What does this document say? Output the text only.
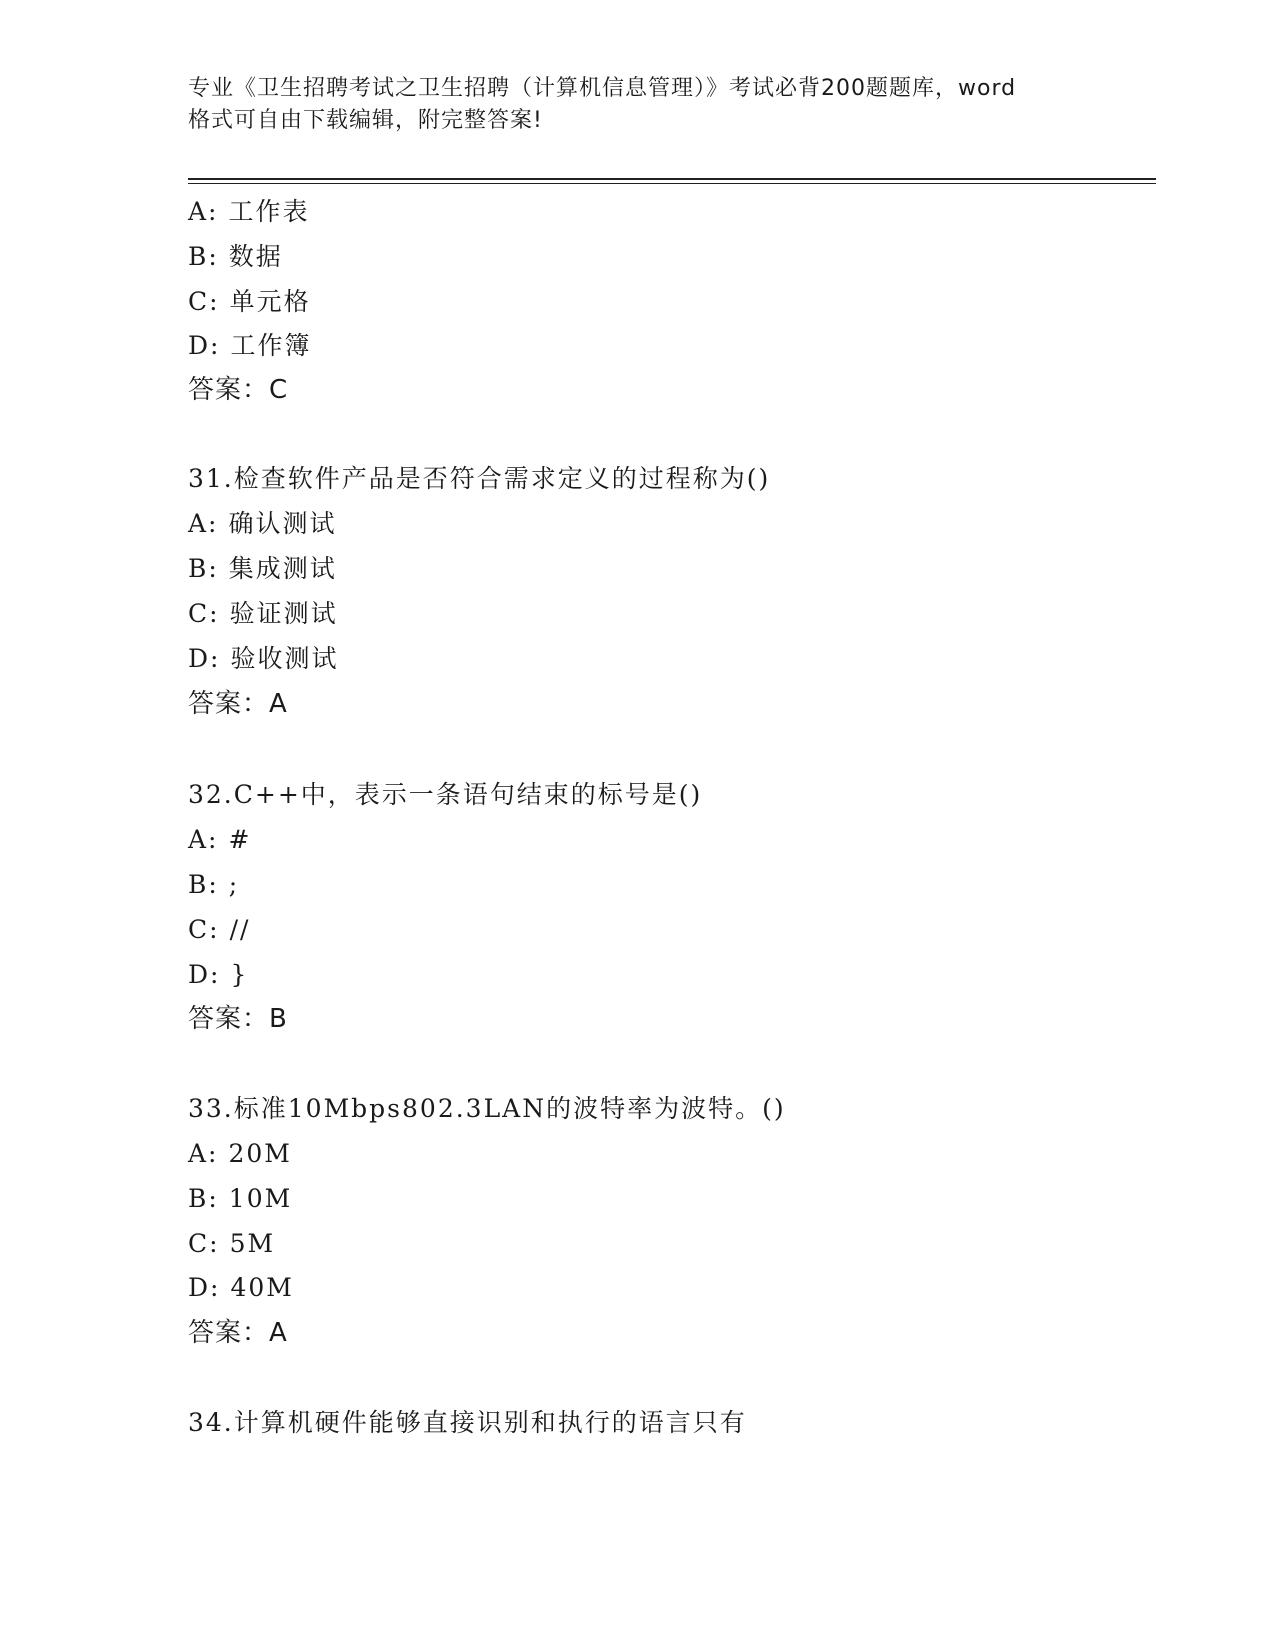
专业《卫生招聘考试之卫生招聘（计算机信息管理）》考试必背200题题库，word
格式可自由下载编辑，附完整答案!
A: 工作表
B: 数据
C: 单元格
D: 工作簿
答案：C
31.检查软件产品是否符合需求定义的过程称为()
A: 确认测试
B: 集成测试
C: 验证测试
D: 验收测试
答案：A
32.C++中，表示一条语句结束的标号是()
A: #
B: ;
C: //
D: }
答案：B
33.标准10Mbps802.3LAN的波特率为波特。()
A: 20M
B: 10M
C: 5M
D: 40M
答案：A
34.计算机硬件能够直接识别和执行的语言只有
